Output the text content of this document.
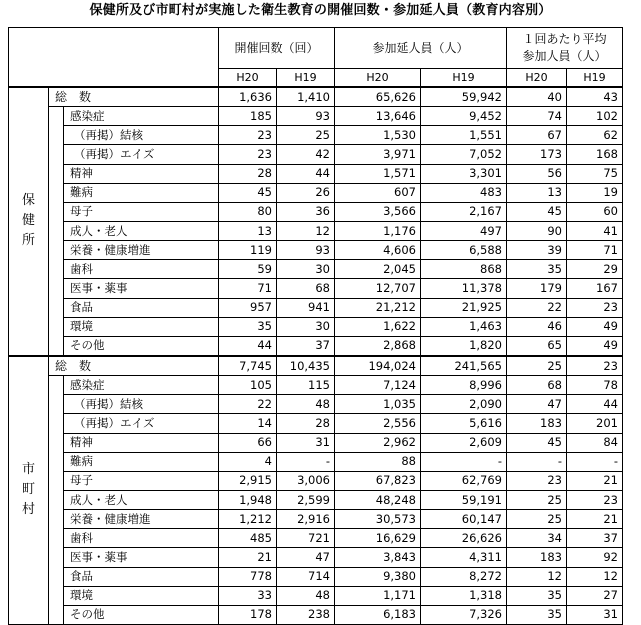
保健所及び市町村が実施した衛生教育の開催回数・参加延人員（教育内容別）
			開催回数（回）		参加延人員（人）		１回あたり平均
参加人員（人）	
			H20	H19	H20	H19	H20	H19

保
健
所	総　数		1,636	1,410	65,626	59,942	40	43
		感染症	185	93	13,646	9,452	74	102
		（再掲）結核	23	25	1,530	1,551	67	62
		（再掲）エイズ	23	42	3,971	7,052	173	168
		精神	28	44	1,571	3,301	56	75
		難病	45	26	607	483	13	19
		母子	80	36	3,566	2,167	45	60
		成人・老人	13	12	1,176	497	90	41
		栄養・健康増進	119	93	4,606	6,588	39	71
		歯科	59	30	2,045	868	35	29
		医事・薬事	71	68	12,707	11,378	179	167
		食品	957	941	21,212	21,925	22	23
		環境	35	30	1,622	1,463	46	49
		その他	44	37	2,868	1,820	65	49

市
町
村	総　数		7,745	10,435	194,024	241,565	25	23
		感染症	105	115	7,124	8,996	68	78
		（再掲）結核	22	48	1,035	2,090	47	44
		（再掲）エイズ	14	28	2,556	5,616	183	201
		精神	66	31	2,962	2,609	45	84
		難病	4	-	88	-	-	-
		母子	2,915	3,006	67,823	62,769	23	21
		成人・老人	1,948	2,599	48,248	59,191	25	23
		栄養・健康増進	1,212	2,916	30,573	60,147	25	21
		歯科	485	721	16,629	26,626	34	37
		医事・薬事	21	47	3,843	4,311	183	92
		食品	778	714	9,380	8,272	12	12
		環境	33	48	1,171	1,318	35	27
		その他	178	238	6,183	7,326	35	31
